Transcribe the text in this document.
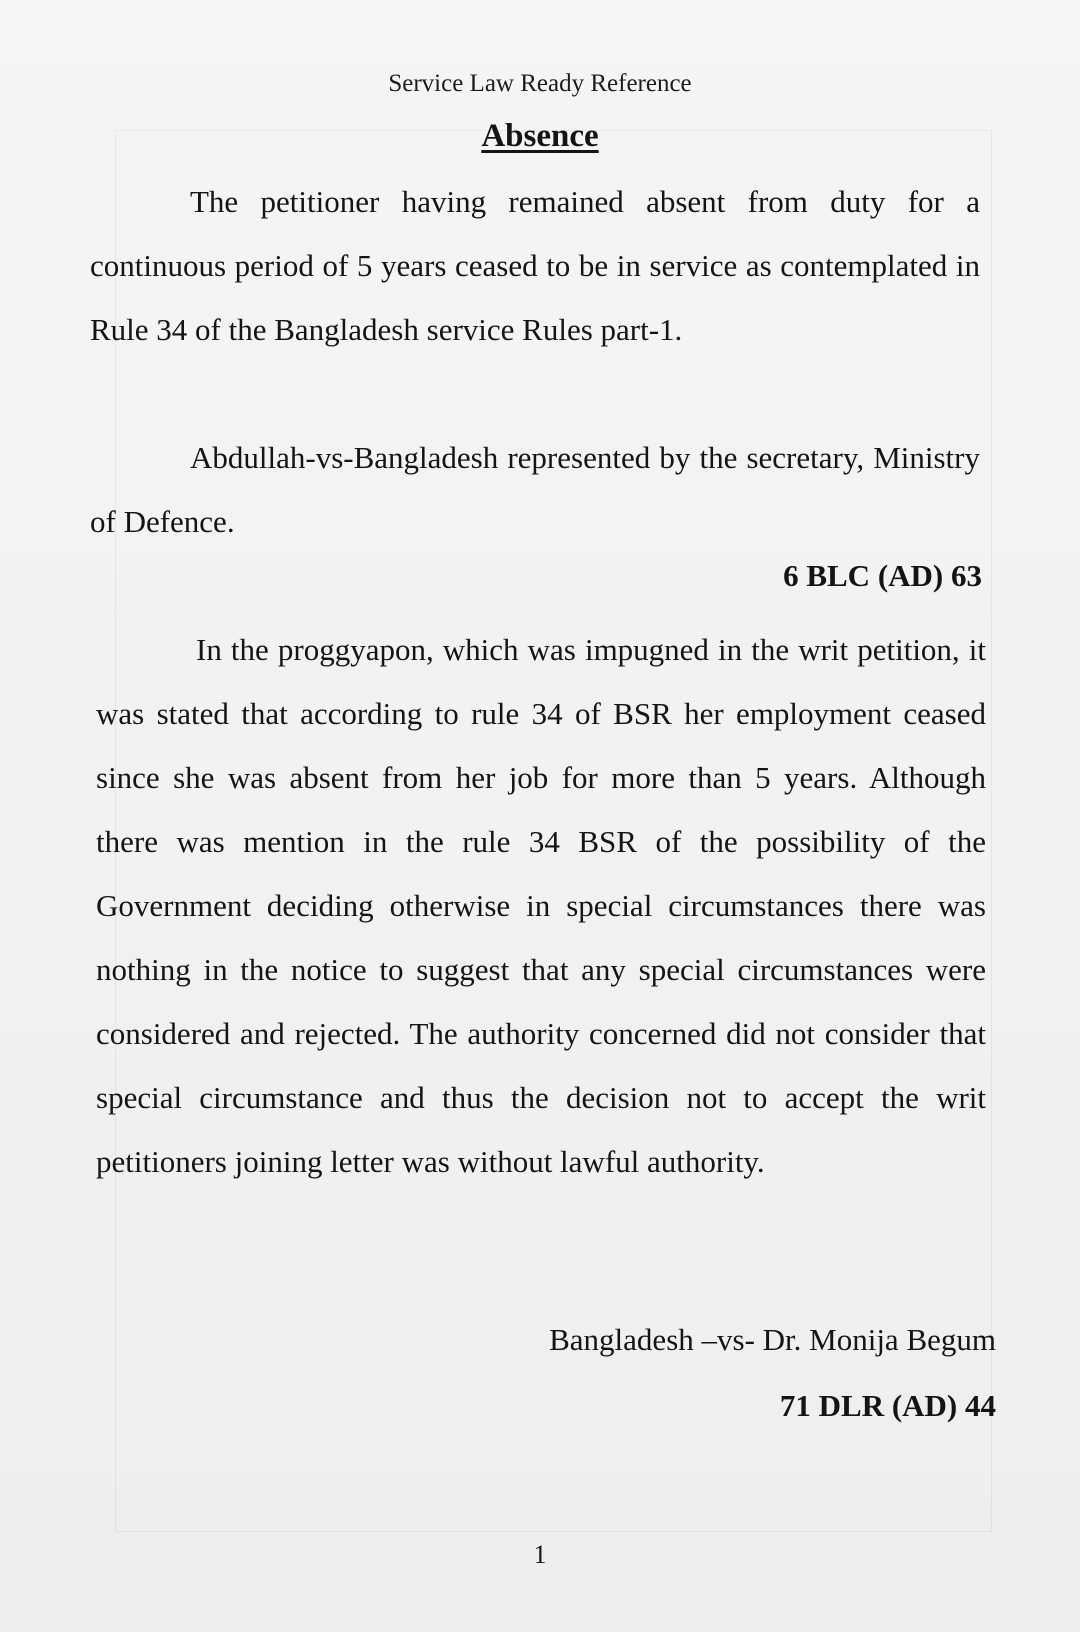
Service Law Ready Reference
Absence
The petitioner having remained absent from duty for a continuous period of 5 years ceased to be in service as contemplated in Rule 34 of the Bangladesh service Rules part-1.
Abdullah-vs-Bangladesh represented by the secretary, Ministry of Defence.
6 BLC (AD) 63
In the proggyapon, which was impugned in the writ petition, it was stated that according to rule 34 of BSR her employment ceased since she was absent from her job for more than 5 years. Although there was mention in the rule 34 BSR of the possibility of the Government deciding otherwise in special circumstances there was nothing in the notice to suggest that any special circumstances were considered and rejected. The authority concerned did not consider that special circumstance and thus the decision not to accept the writ petitioners joining letter was without lawful authority.
Bangladesh –vs- Dr. Monija Begum
71 DLR (AD) 44
1
